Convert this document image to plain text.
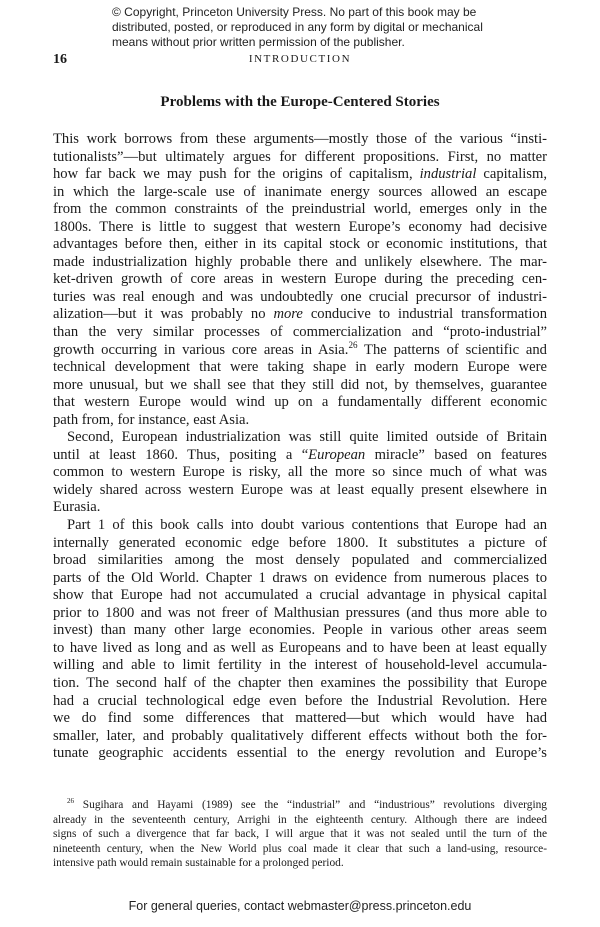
© Copyright, Princeton University Press. No part of this book may be
distributed, posted, or reproduced in any form by digital or mechanical
means without prior written permission of the publisher.
16	INTRODUCTION
Problems with the Europe-Centered Stories
This work borrows from these arguments—mostly those of the various “insti-
tutionalists”—but ultimately argues for different propositions. First, no matter
how far back we may push for the origins of capitalism, industrial capitalism,
in which the large-scale use of inanimate energy sources allowed an escape
from the common constraints of the preindustrial world, emerges only in the
1800s. There is little to suggest that western Europe’s economy had decisive
advantages before then, either in its capital stock or economic institutions, that
made industrialization highly probable there and unlikely elsewhere. The mar-
ket-driven growth of core areas in western Europe during the preceding cen-
turies was real enough and was undoubtedly one crucial precursor of industri-
alization—but it was probably no more conducive to industrial transformation
than the very similar processes of commercialization and “proto-industrial”
growth occurring in various core areas in Asia.$^{26}$ The patterns of scientific and
technical development that were taking shape in early modern Europe were
more unusual, but we shall see that they still did not, by themselves, guarantee
that western Europe would wind up on a fundamentally different economic
path from, for instance, east Asia.
Second, European industrialization was still quite limited outside of Britain
until at least 1860. Thus, positing a “European miracle” based on features
common to western Europe is risky, all the more so since much of what was
widely shared across western Europe was at least equally present elsewhere in
Eurasia.
Part 1 of this book calls into doubt various contentions that Europe had an
internally generated economic edge before 1800. It substitutes a picture of
broad similarities among the most densely populated and commercialized
parts of the Old World. Chapter 1 draws on evidence from numerous places to
show that Europe had not accumulated a crucial advantage in physical capital
prior to 1800 and was not freer of Malthusian pressures (and thus more able to
invest) than many other large economies. People in various other areas seem
to have lived as long and as well as Europeans and to have been at least equally
willing and able to limit fertility in the interest of household-level accumula-
tion. The second half of the chapter then examines the possibility that Europe
had a crucial technological edge even before the Industrial Revolution. Here
we do find some differences that mattered—but which would have had
smaller, later, and probably qualitatively different effects without both the for-
tunate geographic accidents essential to the energy revolution and Europe’s
$^{26}$ Sugihara and Hayami (1989) see the “industrial” and “industrious” revolutions diverging
already in the seventeenth century, Arrighi in the eighteenth century. Although there are indeed
signs of such a divergence that far back, I will argue that it was not sealed until the turn of the
nineteenth century, when the New World plus coal made it clear that such a land-using, resource-
intensive path would remain sustainable for a prolonged period.
For general queries, contact webmaster@press.princeton.edu
